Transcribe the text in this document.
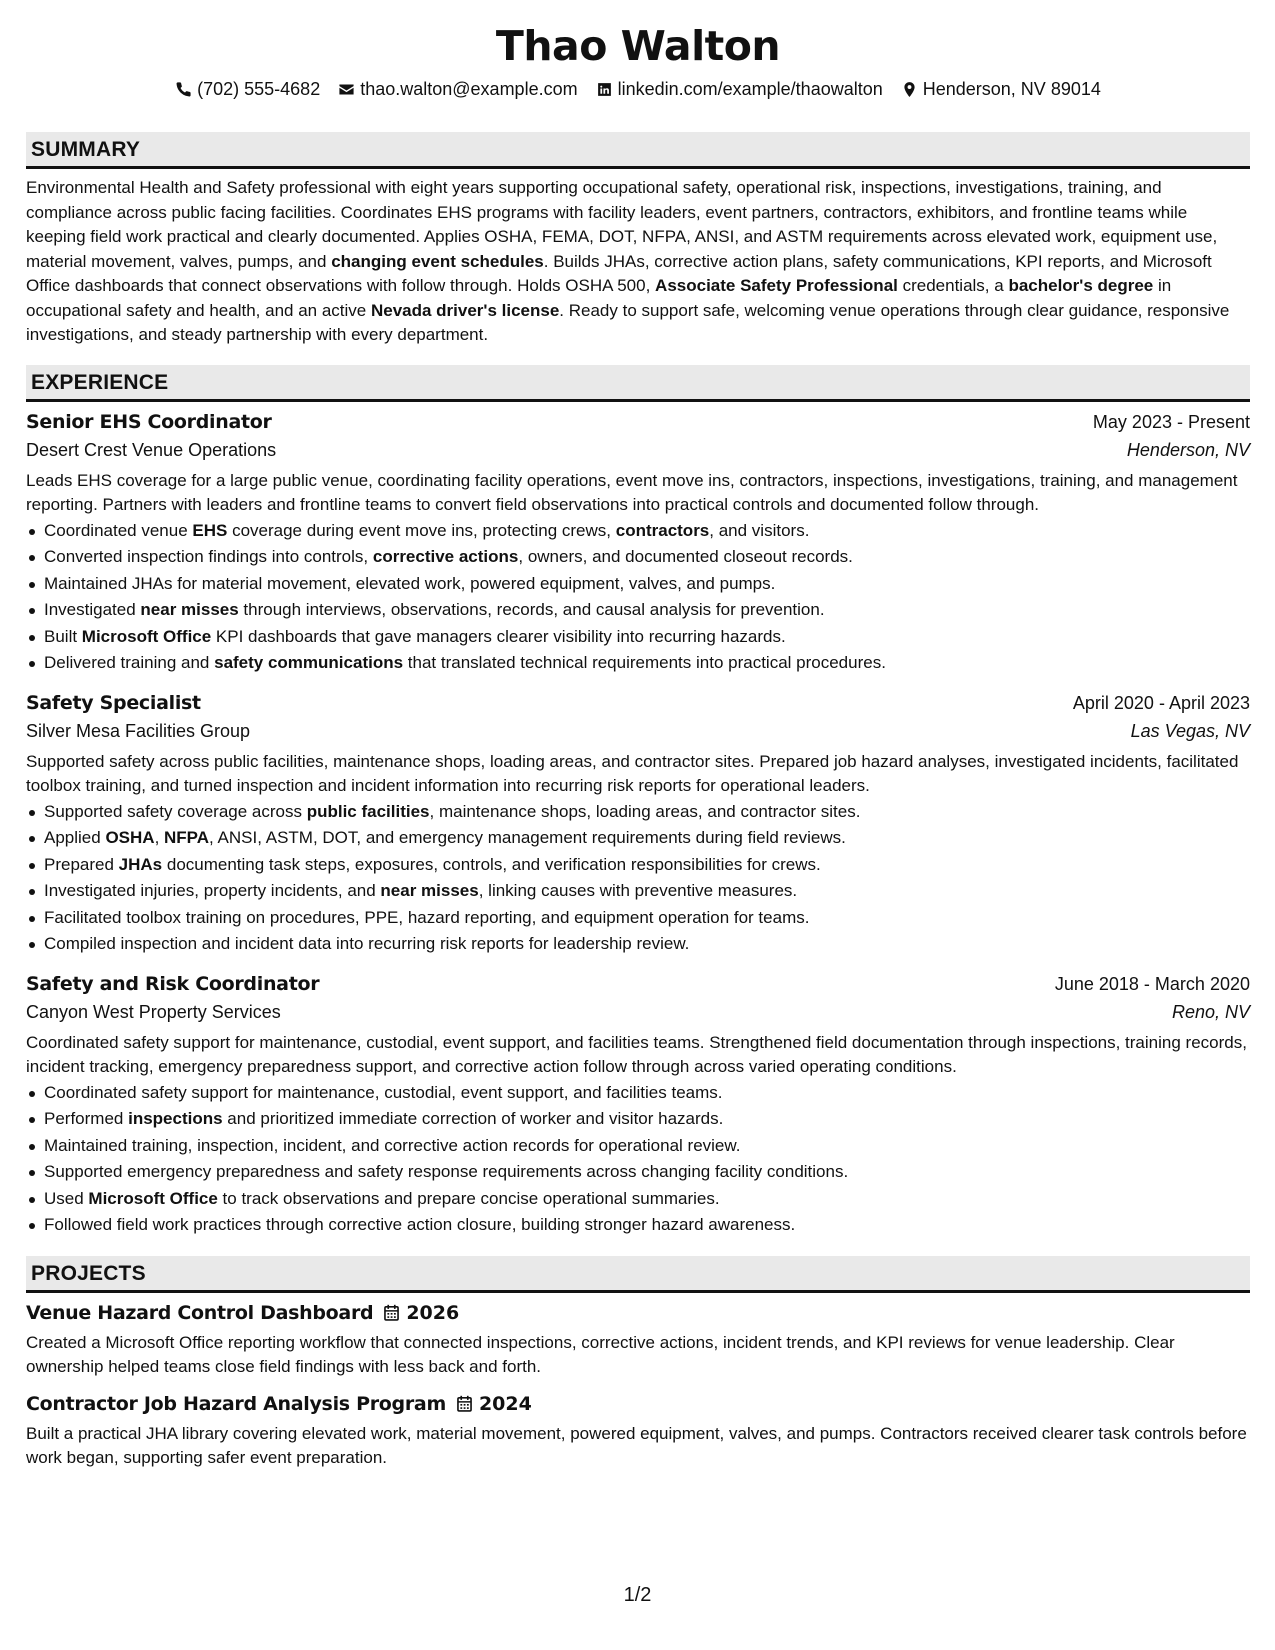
Thao Walton
(702) 555-4682 thao.walton@example.com linkedin.com/example/thaowalton Henderson, NV 89014
SUMMARY

Environmental Health and Safety professional with eight years supporting occupational safety, operational risk, inspections, investigations, training, and compliance across public facing facilities. Coordinates EHS programs with facility leaders, event partners, contractors, exhibitors, and frontline teams while keeping field work practical and clearly documented. Applies OSHA, FEMA, DOT, NFPA, ANSI, and ASTM requirements across elevated work, equipment use, material movement, valves, pumps, and changing event schedules. Builds JHAs, corrective action plans, safety communications, KPI reports, and Microsoft Office dashboards that connect observations with follow through. Holds OSHA 500, Associate Safety Professional credentials, a bachelor's degree in occupational safety and health, and an active Nevada driver's license. Ready to support safe, welcoming venue operations through clear guidance, responsive investigations, and steady partnership with every department.

EXPERIENCE
Senior EHS Coordinator	May 2023 - Present
Desert Crest Venue Operations	Henderson, NV
Leads EHS coverage for a large public venue, coordinating facility operations, event move ins, contractors, inspections, investigations, training, and management reporting. Partners with leaders and frontline teams to convert field observations into practical controls and documented follow through.
Coordinated venue EHS coverage during event move ins, protecting crews, contractors, and visitors.
Converted inspection findings into controls, corrective actions, owners, and documented closeout records.
Maintained JHAs for material movement, elevated work, powered equipment, valves, and pumps.
Investigated near misses through interviews, observations, records, and causal analysis for prevention.
Built Microsoft Office KPI dashboards that gave managers clearer visibility into recurring hazards.
Delivered training and safety communications that translated technical requirements into practical procedures.
Safety Specialist	April 2020 - April 2023
Silver Mesa Facilities Group	Las Vegas, NV
Supported safety across public facilities, maintenance shops, loading areas, and contractor sites. Prepared job hazard analyses, investigated incidents, facilitated toolbox training, and turned inspection and incident information into recurring risk reports for operational leaders.
Supported safety coverage across public facilities, maintenance shops, loading areas, and contractor sites.
Applied OSHA, NFPA, ANSI, ASTM, DOT, and emergency management requirements during field reviews.
Prepared JHAs documenting task steps, exposures, controls, and verification responsibilities for crews.
Investigated injuries, property incidents, and near misses, linking causes with preventive measures.
Facilitated toolbox training on procedures, PPE, hazard reporting, and equipment operation for teams.
Compiled inspection and incident data into recurring risk reports for leadership review.
Safety and Risk Coordinator	June 2018 - March 2020
Canyon West Property Services	Reno, NV
Coordinated safety support for maintenance, custodial, event support, and facilities teams. Strengthened field documentation through inspections, training records, incident tracking, emergency preparedness support, and corrective action follow through across varied operating conditions.
Coordinated safety support for maintenance, custodial, event support, and facilities teams.
Performed inspections and prioritized immediate correction of worker and visitor hazards.
Maintained training, inspection, incident, and corrective action records for operational review.
Supported emergency preparedness and safety response requirements across changing facility conditions.
Used Microsoft Office to track observations and prepare concise operational summaries.
Followed field work practices through corrective action closure, building stronger hazard awareness.
PROJECTS
Venue Hazard Control Dashboard 2026
Created a Microsoft Office reporting workflow that connected inspections, corrective actions, incident trends, and KPI reviews for venue leadership. Clear ownership helped teams close field findings with less back and forth.
Contractor Job Hazard Analysis Program 2024
Built a practical JHA library covering elevated work, material movement, powered equipment, valves, and pumps. Contractors received clearer task controls before work began, supporting safer event preparation.
1/2
